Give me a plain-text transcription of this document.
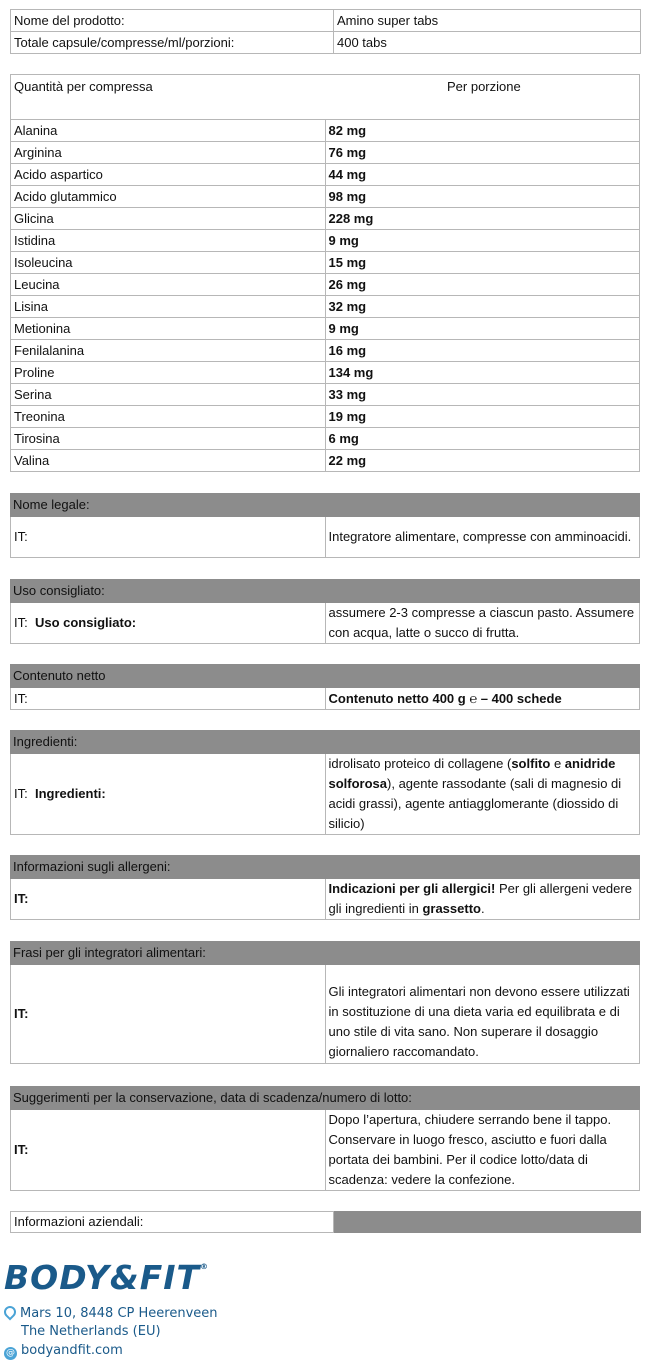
Nome del prodotto:	Amino super tabs
Totale capsule/compresse/ml/porzioni:	400 tabs
Quantità per compressa Per porzione	

Alanina	82 mg
Arginina	76 mg
Acido aspartico	44 mg
Acido glutammico	98 mg
Glicina	228 mg
Istidina	9 mg
Isoleucina	15 mg
Leucina	26 mg
Lisina	32 mg
Metionina	9 mg
Fenilalanina	16 mg
Proline	134 mg
Serina	33 mg
Treonina	19 mg
Tirosina	6 mg
Valina	22 mg
Nome legale:
IT:	Integratore alimentare, compresse con amminoacidi.
Uso consigliato:
IT: Uso consigliato:	assumere 2-3 compresse a ciascun pasto. Assumere con acqua, latte o succo di frutta.
Contenuto netto
IT:	Contenuto netto 400 g ℮ – 400 schede
Ingredienti:
IT: Ingredienti:	idrolisato proteico di collagene (solfito e anidride solforosa), agente rassodante (sali di magnesio di acidi grassi), agente antiagglomerante (diossido di silicio)
Informazioni sugli allergeni:
IT:	Indicazioni per gli allergici! Per gli allergeni vedere gli ingredienti in grassetto.
Frasi per gli integratori alimentari:
IT:	Gli integratori alimentari non devono essere utilizzati in sostituzione di una dieta varia ed equilibrata e di uno stile di vita sano. Non superare il dosaggio giornaliero raccomandato.
Suggerimenti per la conservazione, data di scadenza/numero di lotto:
IT:	Dopo l’apertura, chiudere serrando bene il tappo. Conservare in luogo fresco, asciutto e fuori dalla portata dei bambini. Per il codice lotto/data di scadenza: vedere la confezione.
Informazioni aziendali:	
BODY&FIT®
Mars 10, 8448 CP Heerenveen
The Netherlands (EU)
@ bodyandfit.com
